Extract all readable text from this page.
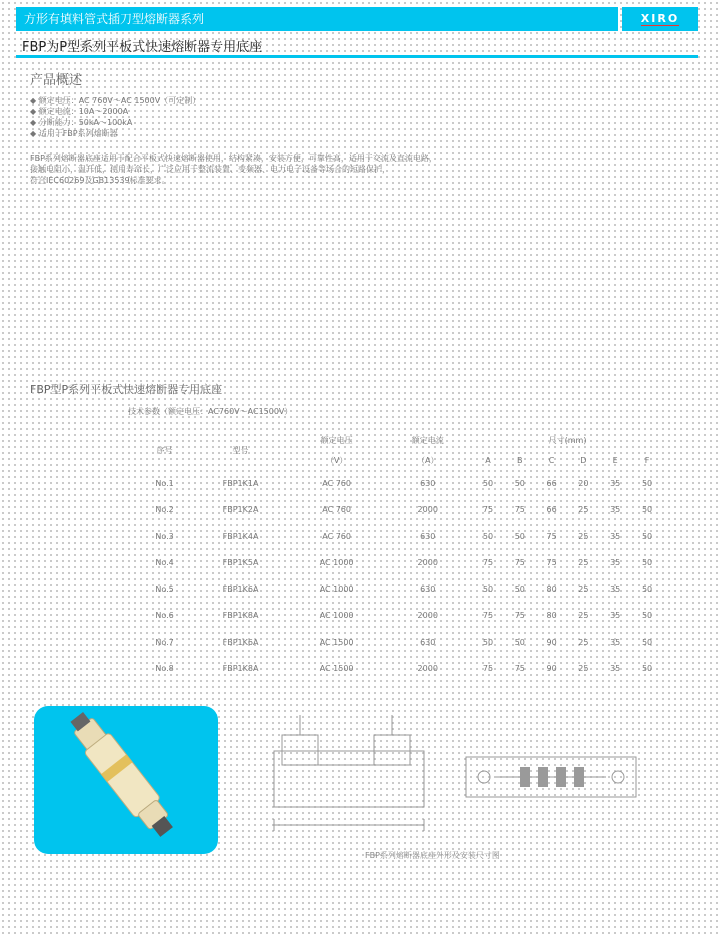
方形有填料管式插刀型熔断器系列	XIRO
FBP为P型系列平板式快速熔断器专用底座
产品概述

◆ 额定电压：AC 760V～AC 1500V（可定制）

◆ 额定电流：10A～2000A

◆ 分断能力：50kA～100kA

◆ 适用于FBP系列熔断器

FBP系列熔断器底座适用于配合平板式快速熔断器使用，结构紧凑，安装方便，可靠性高，适用于交流及直流电路，

接触电阻小，温升低，使用寿命长，广泛应用于整流装置、变频器、电力电子设备等场合的短路保护，

符合IEC60269及GB13539标准要求。

FBP型P系列平板式快速熔断器专用底座
技术参数（额定电压：AC760V～AC1500V）
序号	型号	额定电压	额定电流	尺寸(mm)					
		（V）	（A）	A	B	C	D	E	F
No.1	FBP1K1A	AC 760	630	50	50	66	20	35	50
No.2	FBP1K2A	AC 760	2000	75	75	66	25	35	50
No.3	FBP1K4A	AC 760	630	50	50	75	25	35	50
No.4	FBP1K5A	AC 1000	2000	75	75	75	25	35	50
No.5	FBP1K6A	AC 1000	630	50	50	80	25	35	50
No.6	FBP1K8A	AC 1000	2000	75	75	80	25	35	50
No.7	FBP1K6A	AC 1500	630	50	50	90	25	35	50
No.8	FBP1K8A	AC 1500	2000	75	75	90	25	35	50
FBP系列熔断器底座外形及安装尺寸图
